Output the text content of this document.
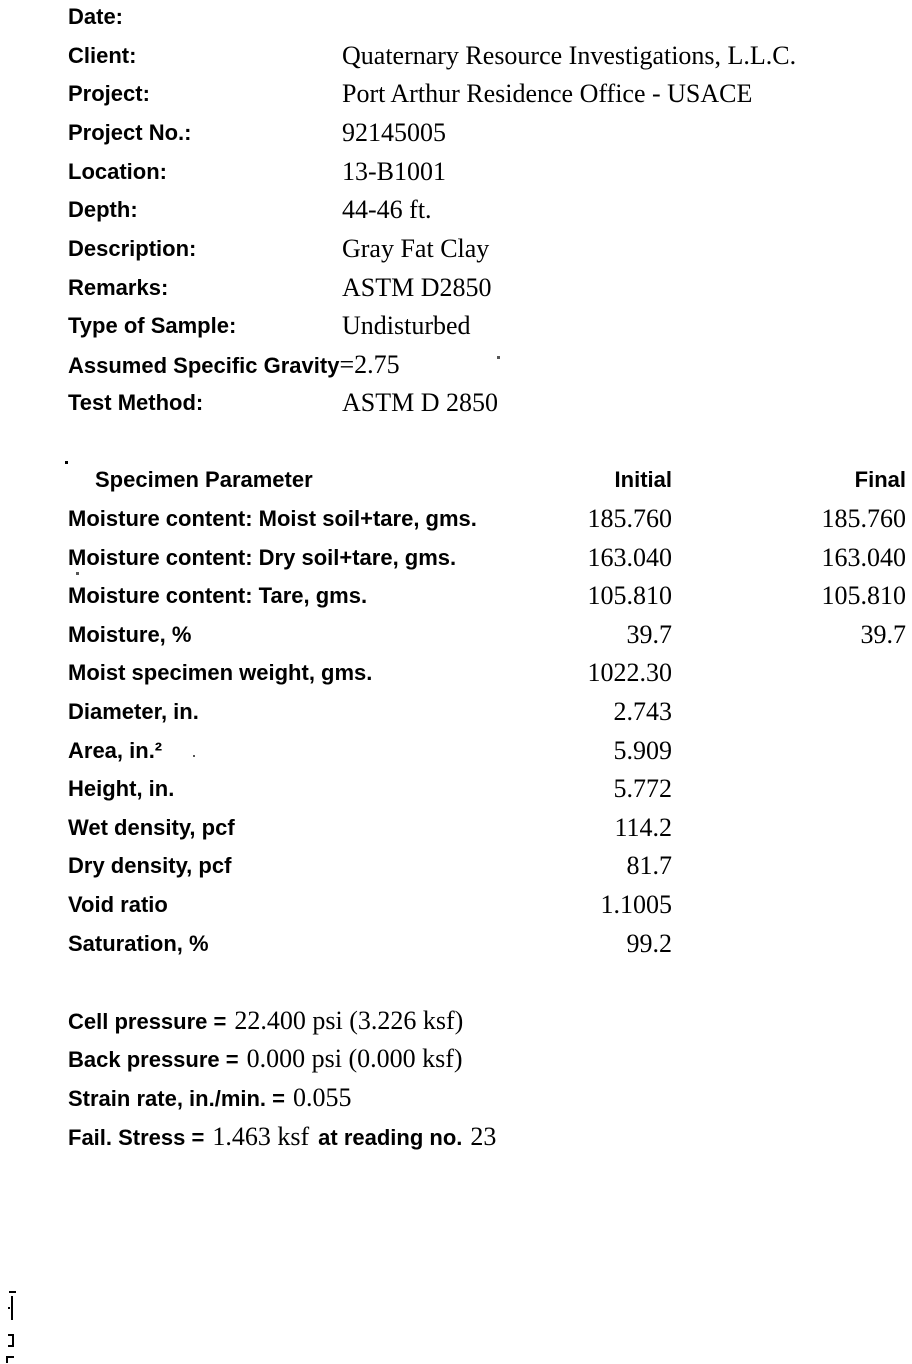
Date:
Client:	Quaternary Resource Investigations, L.L.C.
Project:	Port Arthur Residence Office - USACE
Project No.:	92145005
Location:	13-B1001
Depth:	44-46 ft.
Description:	Gray Fat Clay
Remarks:	ASTM D2850
Type of Sample:	Undisturbed
Assumed Specific Gravity=2.75
Test Method:	ASTM D 2850
Specimen Parameter	Initial	Final
Moisture content: Moist soil+tare, gms.	185.760	185.760
Moisture content: Dry soil+tare, gms.	163.040	163.040
Moisture content: Tare, gms.	105.810	105.810
Moisture, %	39.7	39.7
Moist specimen weight, gms.	1022.30
Diameter, in.	2.743
Area, in.²	5.909
Height, in.	5.772
Wet density, pcf	114.2
Dry density, pcf	81.7
Void ratio	1.1005
Saturation, %	99.2
Cell pressure = 22.400 psi (3.226 ksf)
Back pressure = 0.000 psi (0.000 ksf)
Strain rate, in./min. = 0.055
Fail. Stress = 1.463 ksf at reading no. 23
